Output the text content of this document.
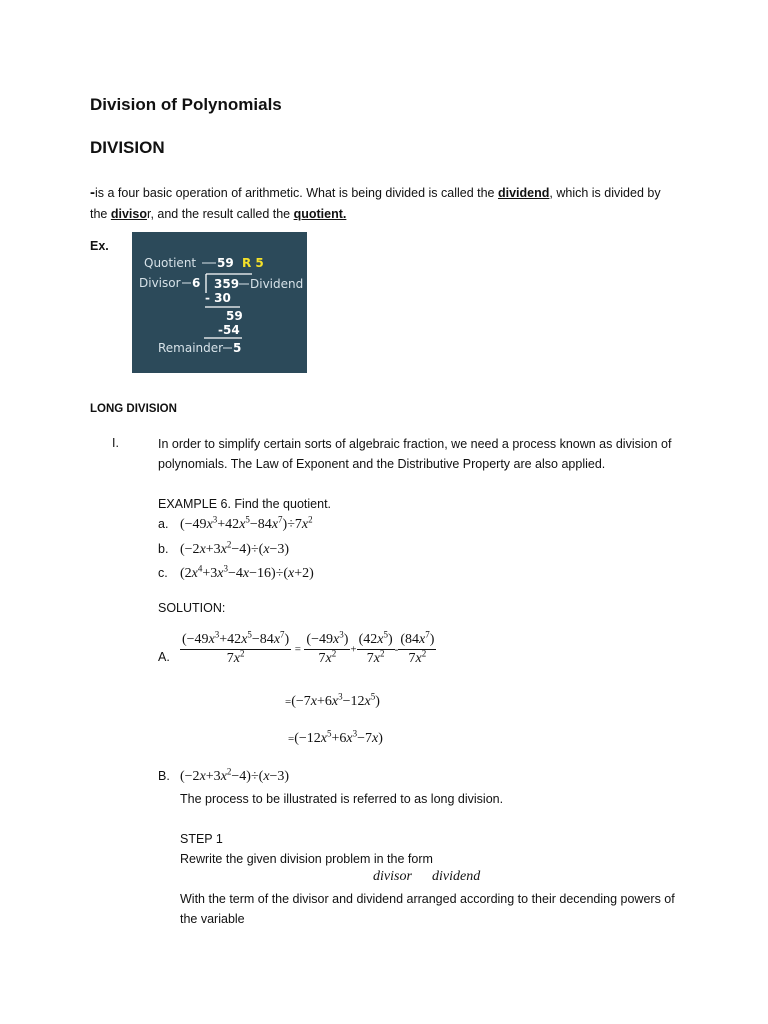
Division of Polynomials
DIVISION
-is a four basic operation of arithmetic. What is being divided is called the dividend, which is divided by the divisor, and the result called the quotient.
Ex.
Quotient 59 R 5
Divisor 6 359 Dividend
- 30
59
-54
Remainder 5
LONG DIVISION
I.	In order to simplify certain sorts of algebraic fraction, we need a process known as division of polynomials. The Law of Exponent and the Distributive Property are also applied.
EXAMPLE 6. Find the quotient.
a. $(-49x^3+42x^5-84x^7)\div 7x^2$
b. $(-2x+3x^2-4)\div(x-3)$
c. $(2x^4+3x^3-4x-16)\div(x+2)$
SOLUTION:
A. $\frac{(-49x^3+42x^5-84x^7)}{7x^2} = \frac{(-49x^3)}{7x^2} + \frac{(42x^5)}{7x^2} - \frac{(84x^7)}{7x^2}$
$=(-7x+6x^3-12x^5)$
$=(-12x^5+6x^3-7x)$
B. $(-2x+3x^2-4)\div(x-3)$
The process to be illustrated is referred to as long division.
STEP 1
Rewrite the given division problem in the form
divisor dividend
With the term of the divisor and dividend arranged according to their decending powers of the variable
